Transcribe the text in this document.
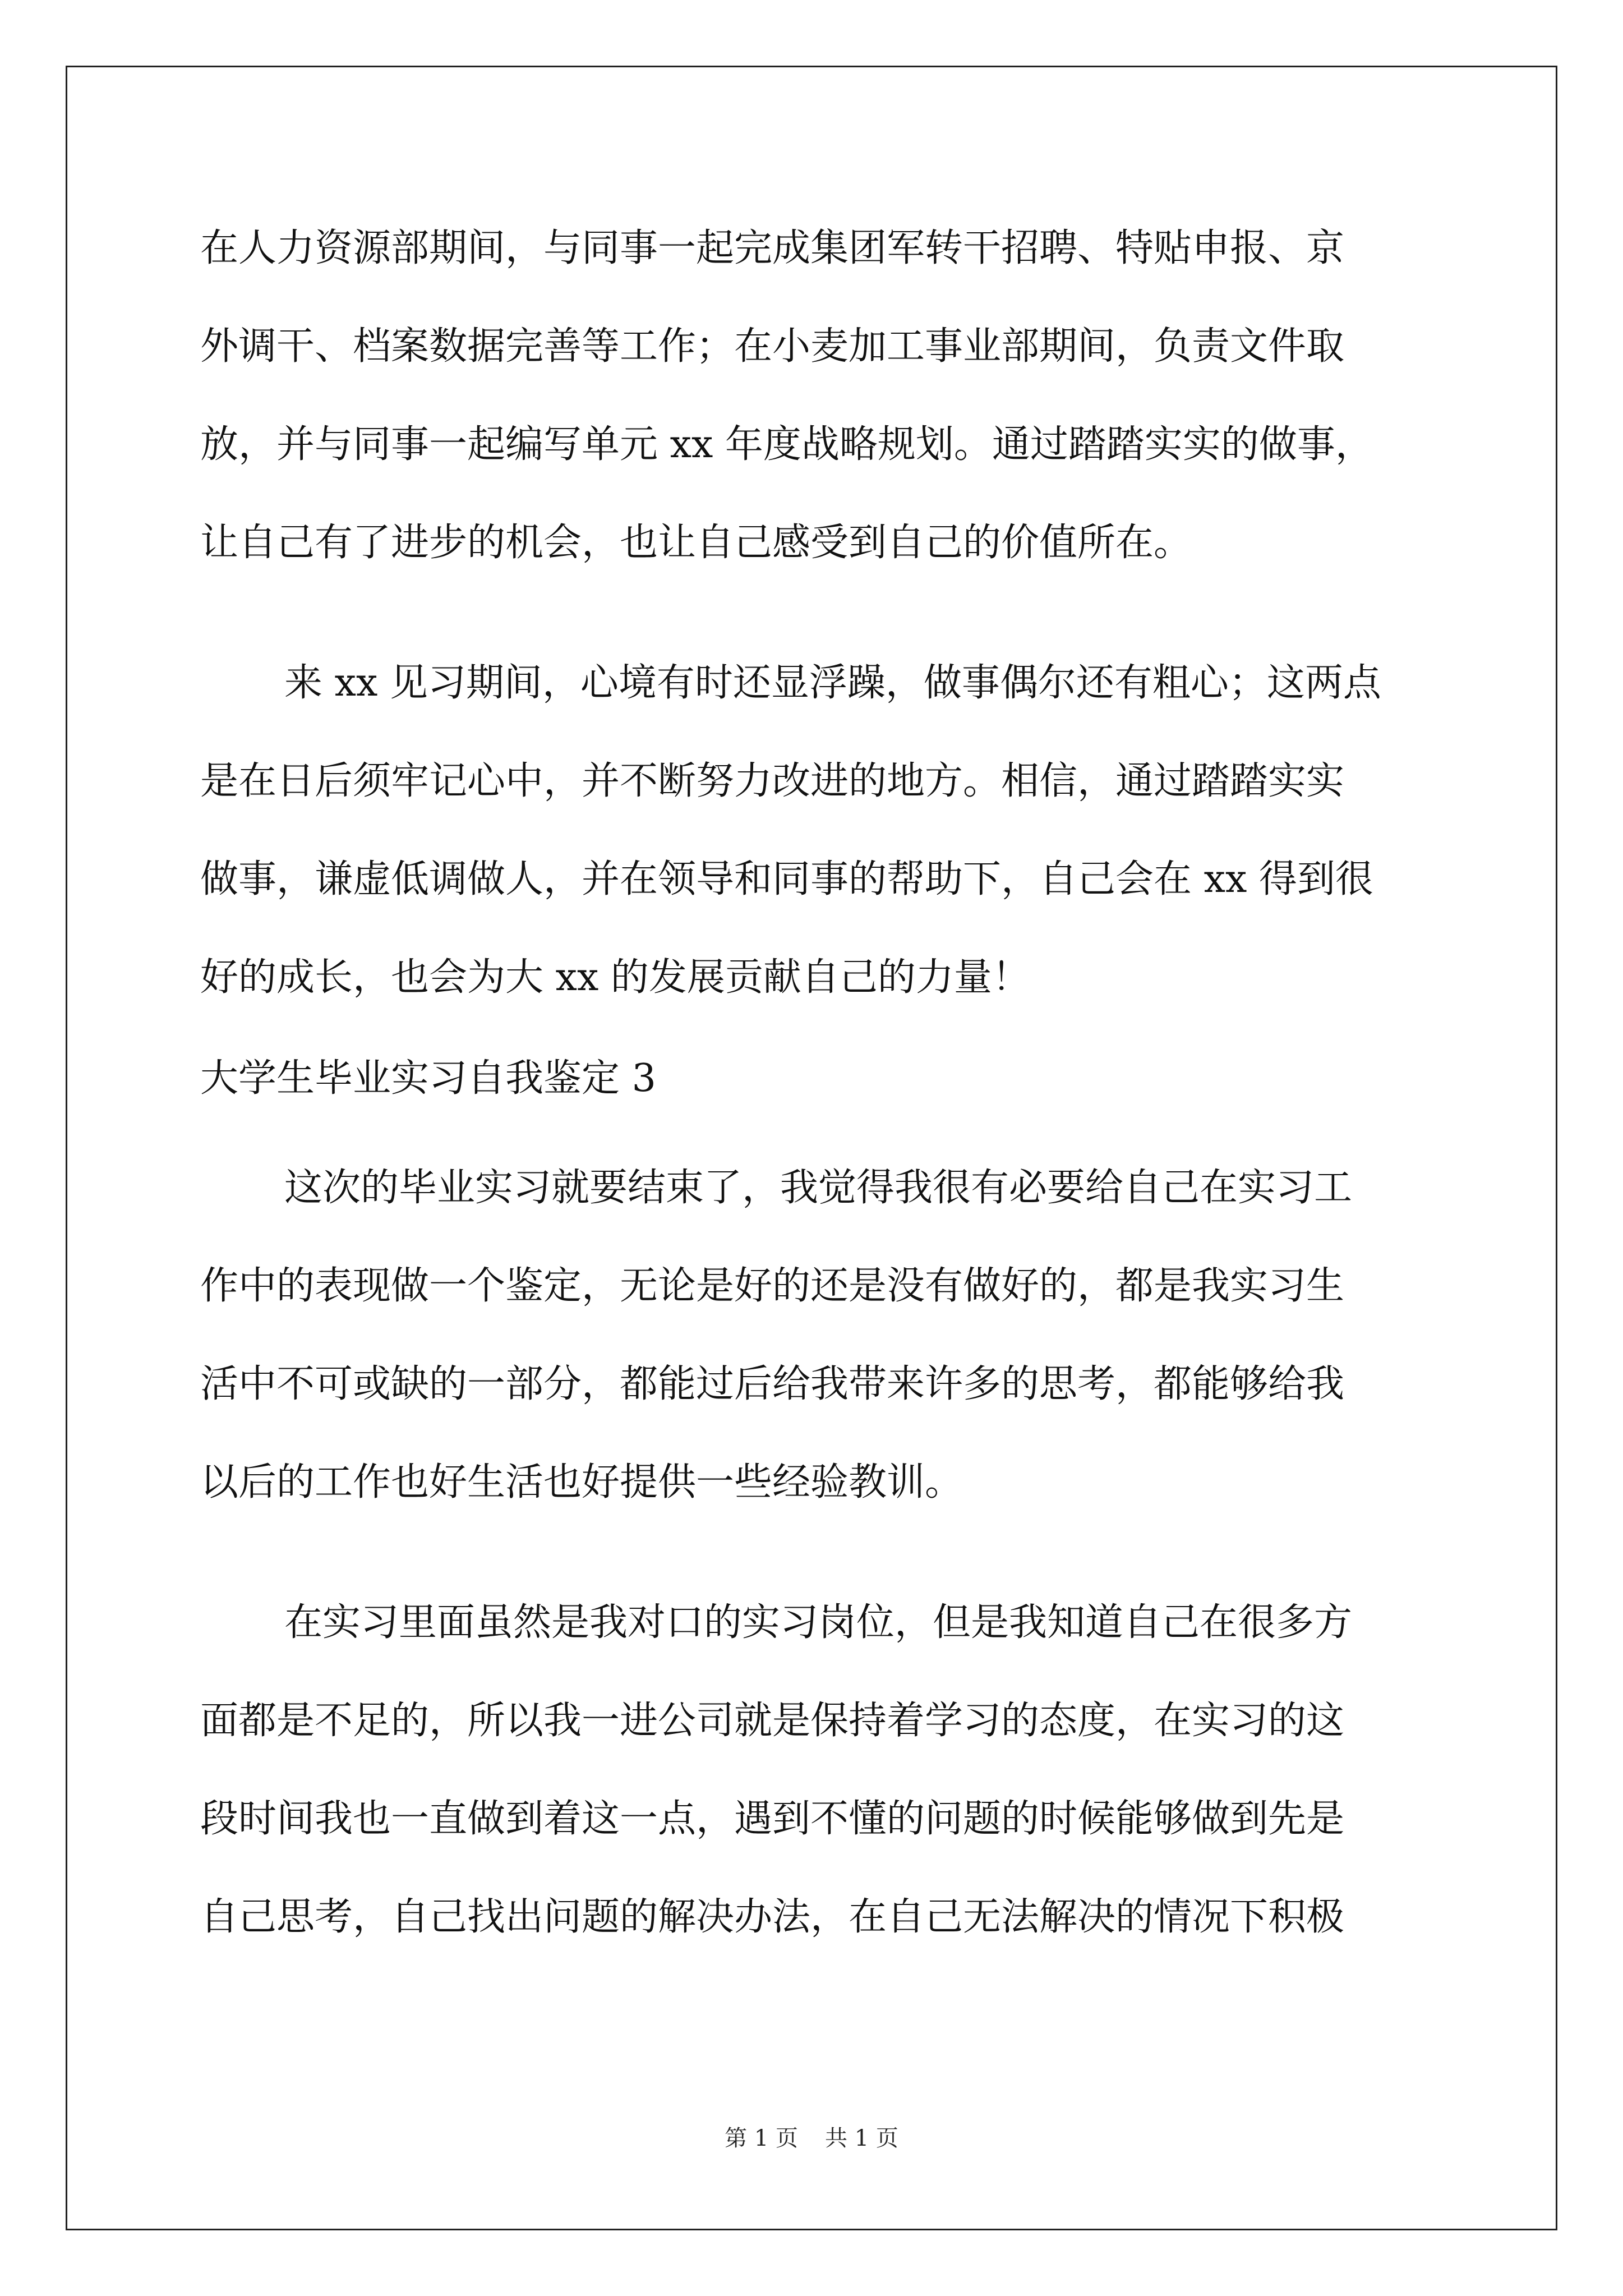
在人力资源部期间，与同事一起完成集团军转干招聘、特贴申报、京
外调干、档案数据完善等工作；在小麦加工事业部期间，负责文件取
放，并与同事一起编写单元 xx 年度战略规划。通过踏踏实实的做事，
让自己有了进步的机会，也让自己感受到自己的价值所在。
来 xx 见习期间，心境有时还显浮躁，做事偶尔还有粗心；这两点
是在日后须牢记心中，并不断努力改进的地方。相信，通过踏踏实实
做事，谦虚低调做人，并在领导和同事的帮助下，自己会在 xx 得到很
好的成长，也会为大 xx 的发展贡献自己的力量！
大学生毕业实习自我鉴定 3
这次的毕业实习就要结束了，我觉得我很有必要给自己在实习工
作中的表现做一个鉴定，无论是好的还是没有做好的，都是我实习生
活中不可或缺的一部分，都能过后给我带来许多的思考，都能够给我
以后的工作也好生活也好提供一些经验教训。
在实习里面虽然是我对口的实习岗位，但是我知道自己在很多方
面都是不足的，所以我一进公司就是保持着学习的态度，在实习的这
段时间我也一直做到着这一点，遇到不懂的问题的时候能够做到先是
自己思考，自己找出问题的解决办法，在自己无法解决的情况下积极
第 1 页 共 1 页
